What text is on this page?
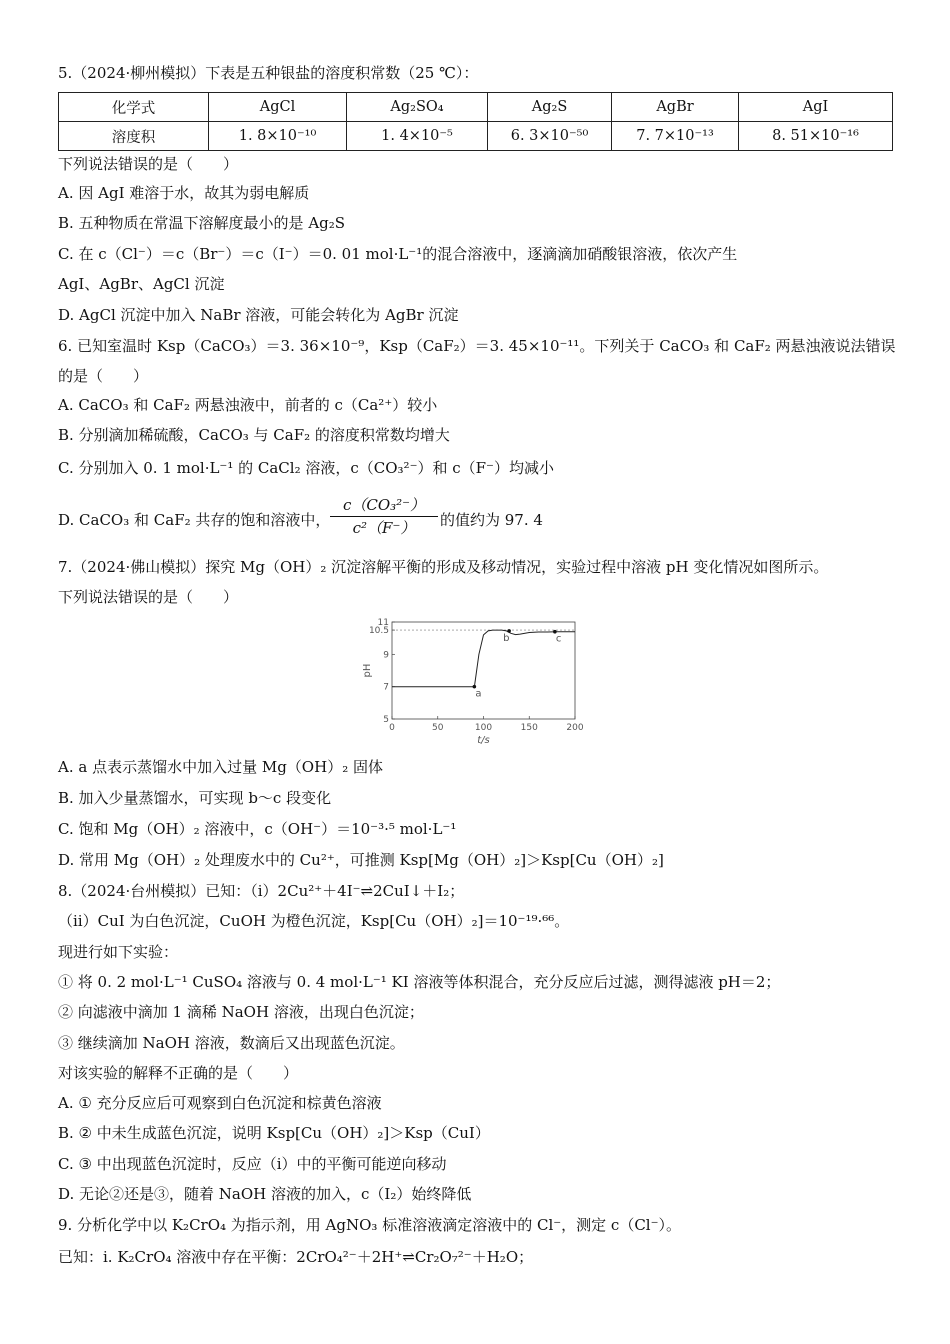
5.（2024·柳州模拟）下表是五种银盐的溶度积常数（25 ℃）：
化学式	AgCl	Ag₂SO₄	Ag₂S	AgBr	AgI
溶度积	1. 8×10⁻¹⁰	1. 4×10⁻⁵	6. 3×10⁻⁵⁰	7. 7×10⁻¹³	8. 51×10⁻¹⁶
下列说法错误的是（　　）
A. 因 AgI 难溶于水，故其为弱电解质
B. 五种物质在常温下溶解度最小的是 Ag₂S
C. 在 c（Cl⁻）＝c（Br⁻）＝c（I⁻）＝0. 01 mol·L⁻¹的混合溶液中，逐滴滴加硝酸银溶液，依次产生
AgI、AgBr、AgCl 沉淀
D. AgCl 沉淀中加入 NaBr 溶液，可能会转化为 AgBr 沉淀
6. 已知室温时 Ksp（CaCO₃）＝3. 36×10⁻⁹，Ksp（CaF₂）＝3. 45×10⁻¹¹。下列关于 CaCO₃ 和 CaF₂ 两悬浊液说法错误
的是（　　）
A. CaCO₃ 和 CaF₂ 两悬浊液中，前者的 c（Ca²⁺）较小
B. 分别滴加稀硫酸，CaCO₃ 与 CaF₂ 的溶度积常数均增大
C. 分别加入 0. 1 mol·L⁻¹ 的 CaCl₂ 溶液，c（CO₃²⁻）和 c（F⁻）均减小
D. CaCO₃ 和 CaF₂ 共存的饱和溶液中， $\frac{\text{c（CO₃²⁻）}}{\text{c²（F⁻）}}$ 的值约为 97. 4
7.（2024·佛山模拟）探究 Mg（OH）₂ 沉淀溶解平衡的形成及移动情况，实验过程中溶液 pH 变化情况如图所示。
下列说法错误的是（　　）
0	50	100	150	200
5
7
9
10.5
11
t/s
pH
a
b	c
A. a 点表示蒸馏水中加入过量 Mg（OH）₂ 固体
B. 加入少量蒸馏水，可实现 b～c 段变化
C. 饱和 Mg（OH）₂ 溶液中，c（OH⁻）＝10⁻³·⁵ mol·L⁻¹
D. 常用 Mg（OH）₂ 处理废水中的 Cu²⁺，可推测 Ksp[Mg（OH）₂]＞Ksp[Cu（OH）₂]
8.（2024·台州模拟）已知：（ⅰ）2Cu²⁺＋4I⁻⇌2CuI↓＋I₂；
（ⅱ）CuI 为白色沉淀，CuOH 为橙色沉淀，Ksp[Cu（OH）₂]＝10⁻¹⁹·⁶⁶。
现进行如下实验：
① 将 0. 2 mol·L⁻¹ CuSO₄ 溶液与 0. 4 mol·L⁻¹ KI 溶液等体积混合，充分反应后过滤，测得滤液 pH＝2；
② 向滤液中滴加 1 滴稀 NaOH 溶液，出现白色沉淀；
③ 继续滴加 NaOH 溶液，数滴后又出现蓝色沉淀。
对该实验的解释不正确的是（　　）
A. ① 充分反应后可观察到白色沉淀和棕黄色溶液
B. ② 中未生成蓝色沉淀，说明 Ksp[Cu（OH）₂]＞Ksp（CuI）
C. ③ 中出现蓝色沉淀时，反应（ⅰ）中的平衡可能逆向移动
D. 无论②还是③，随着 NaOH 溶液的加入，c（I₂）始终降低
9. 分析化学中以 K₂CrO₄ 为指示剂，用 AgNO₃ 标准溶液滴定溶液中的 Cl⁻，测定 c（Cl⁻）。
已知：ⅰ. K₂CrO₄ 溶液中存在平衡：2CrO₄²⁻＋2H⁺⇌Cr₂O₇²⁻＋H₂O；
